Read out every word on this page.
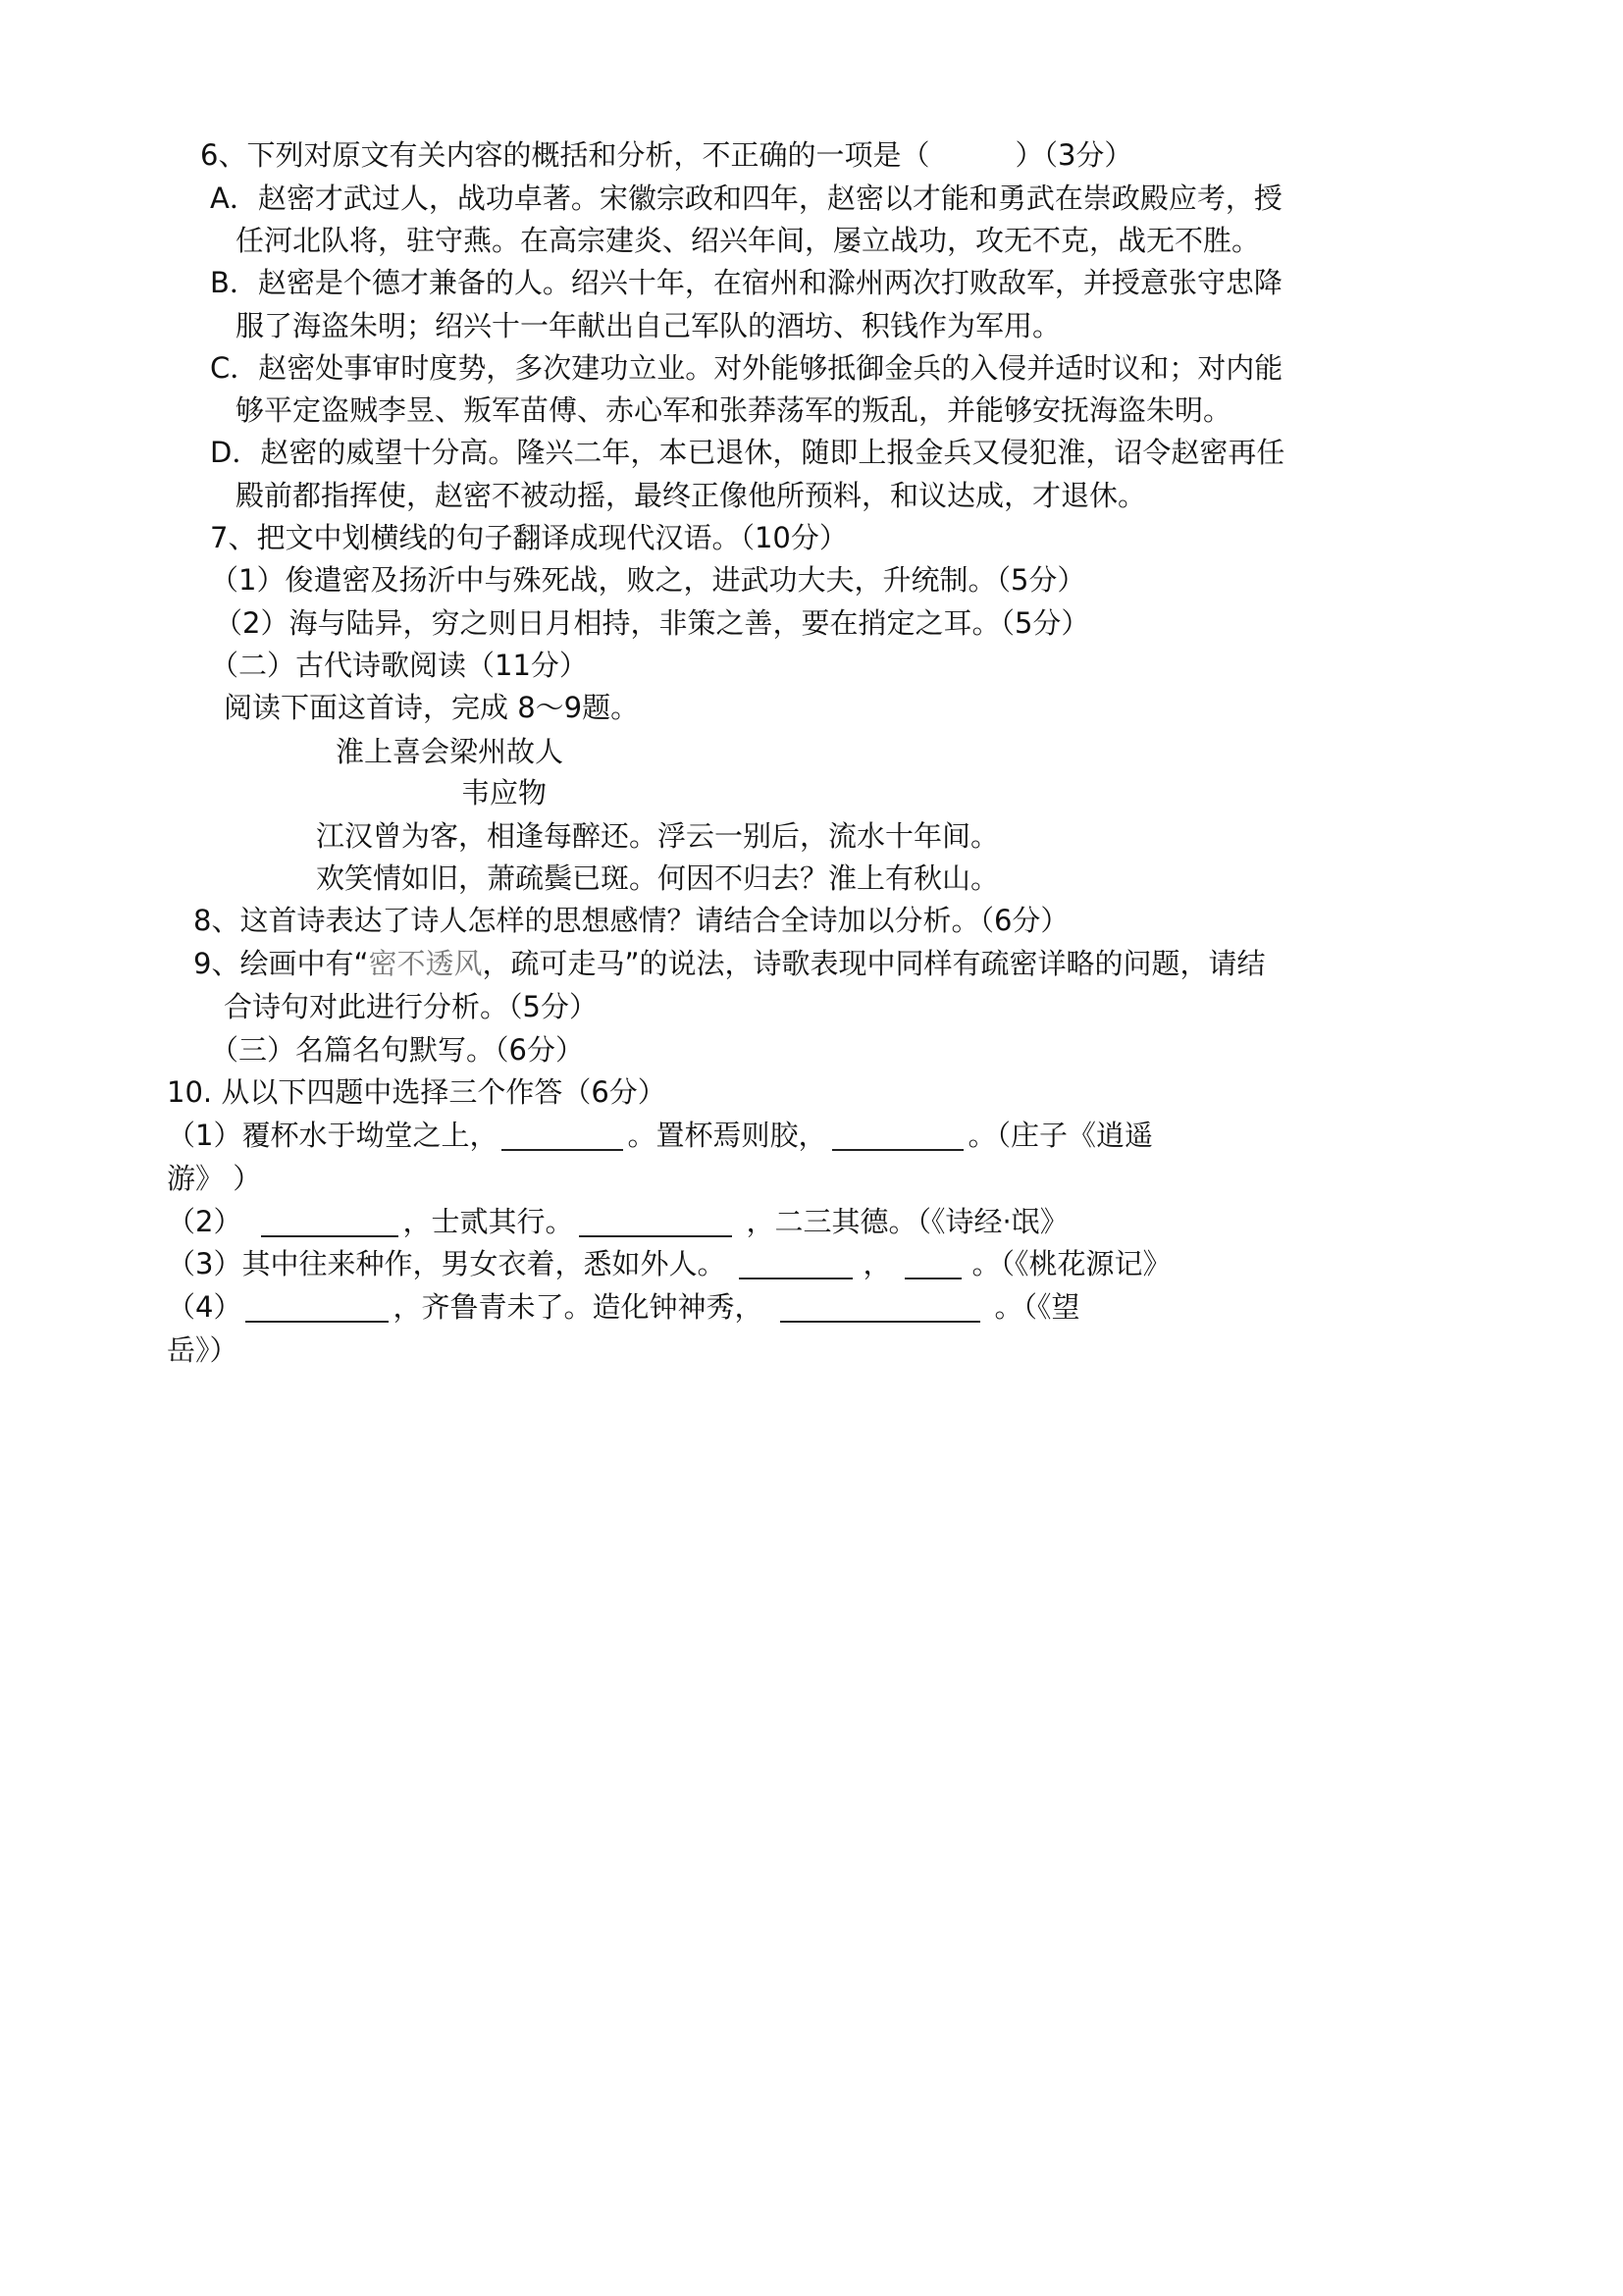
6、下列对原文有关内容的概括和分析，不正确的一项是（　　　）（3分）
A．赵密才武过人，战功卓著。宋徽宗政和四年，赵密以才能和勇武在崇政殿应考，授
任河北队将，驻守燕。在高宗建炎、绍兴年间，屡立战功，攻无不克，战无不胜。
B．赵密是个德才兼备的人。绍兴十年，在宿州和滁州两次打败敌军，并授意张守忠降
服了海盗朱明；绍兴十一年献出自己军队的酒坊、积钱作为军用。
C．赵密处事审时度势，多次建功立业。对外能够抵御金兵的入侵并适时议和；对内能
够平定盗贼李昱、叛军苗傅、赤心军和张莽荡军的叛乱，并能够安抚海盗朱明。
D．赵密的威望十分高。隆兴二年，本已退休，随即上报金兵又侵犯淮，诏令赵密再任
殿前都指挥使，赵密不被动摇，最终正像他所预料，和议达成，才退休。
7、把文中划横线的句子翻译成现代汉语。（10分）
（1）俊遣密及扬沂中与殊死战，败之，进武功大夫，升统制。（5分）
（2）海与陆异，穷之则日月相持，非策之善，要在捎定之耳。（5分）
（二）古代诗歌阅读（11分）
阅读下面这首诗，完成 8～9题。
淮上喜会梁州故人
韦应物
江汉曾为客，相逢每醉还。浮云一别后，流水十年间。
欢笑情如旧，萧疏鬓已斑。何因不归去？淮上有秋山。
8、这首诗表达了诗人怎样的思想感情？请结合全诗加以分析。（6分）
9、绘画中有“密不透风，疏可走马”的说法，诗歌表现中同样有疏密详略的问题，请结
合诗句对此进行分析。（5分）
（三）名篇名句默写。（6分）
10. 从以下四题中选择三个作答（6分）
（1）覆杯水于坳堂之上，	。置杯焉则胶，	。（庄子《逍遥
游》 ）
（2）	，士贰其行。	，二三其德。（《诗经·氓》
（3）其中往来种作，男女衣着，悉如外人。	，	。（《桃花源记》
（4）	，齐鲁青未了。造化钟神秀，	。（《望
岳》）
